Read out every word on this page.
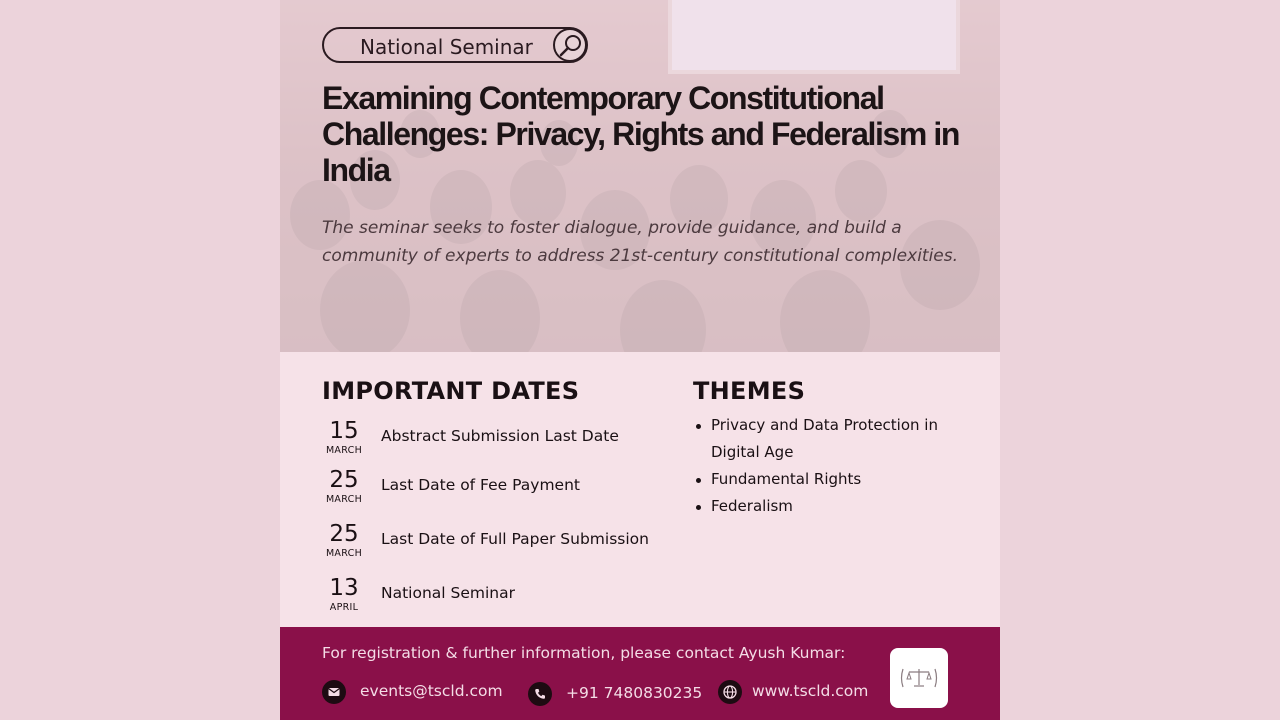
National Seminar
Examining Contemporary Constitutional Challenges: Privacy, Rights and Federalism in India

The seminar seeks to foster dialogue, provide guidance, and build a community of experts to address 21st-century constitutional complexities.

IMPORTANT DATES
15
MARCH
Abstract Submission Last Date
25
MARCH
Last Date of Fee Payment
25
MARCH
Last Date of Full Paper Submission
13
APRIL
National Seminar
THEMES
Privacy and Data Protection in Digital Age
Fundamental Rights
Federalism
For registration & further information, please contact Ayush Kumar:
events@tscld.com	+91 7480830235	www.tscld.com
